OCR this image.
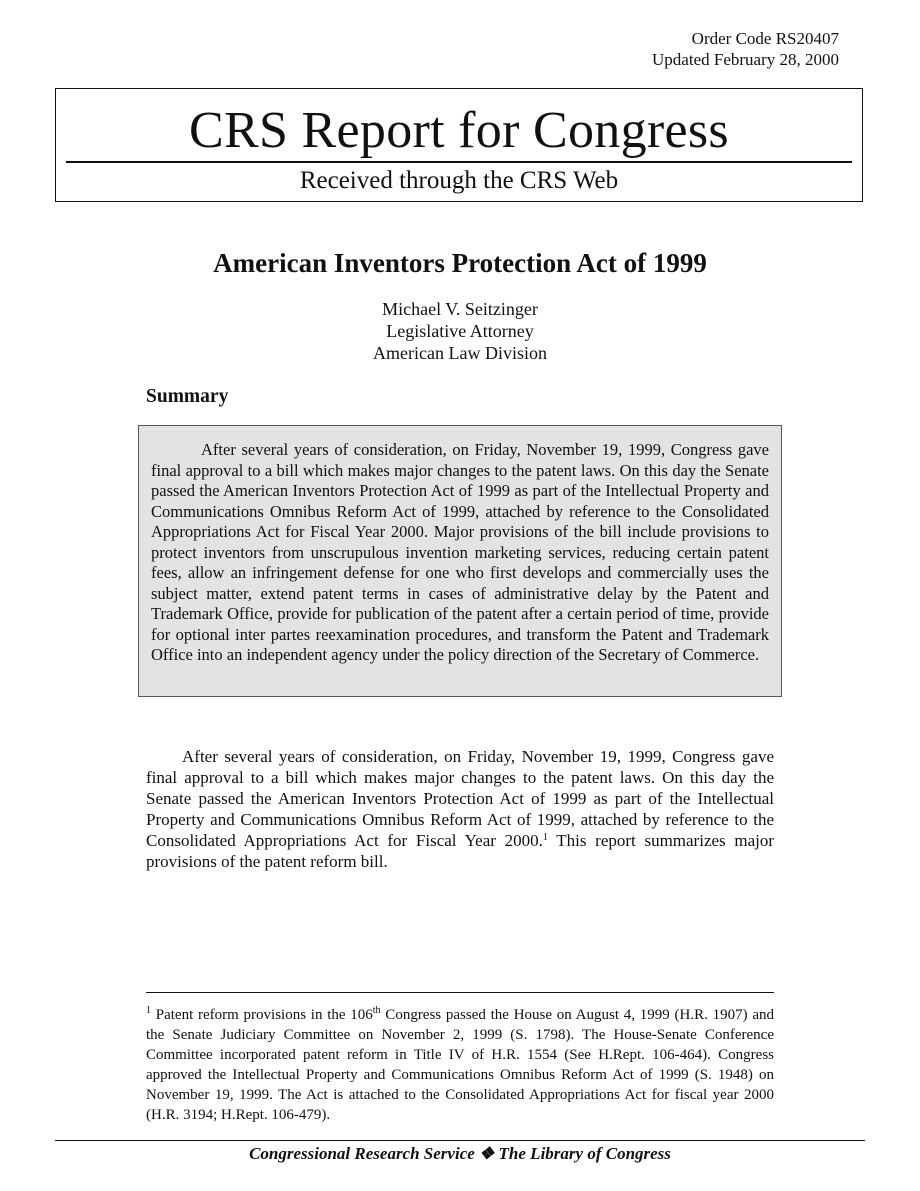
Order Code RS20407
Updated February 28, 2000
CRS Report for Congress
Received through the CRS Web
American Inventors Protection Act of 1999
Michael V. Seitzinger
Legislative Attorney
American Law Division
Summary

After several years of consideration, on Friday, November 19, 1999, Congress gave final approval to a bill which makes major changes to the patent laws. On this day the Senate passed the American Inventors Protection Act of 1999 as part of the Intellectual Property and Communications Omnibus Reform Act of 1999, attached by reference to the Consolidated Appropriations Act for Fiscal Year 2000. Major provisions of the bill include provisions to protect inventors from unscrupulous invention marketing services, reducing certain patent fees, allow an infringement defense for one who first develops and commercially uses the subject matter, extend patent terms in cases of administrative delay by the Patent and Trademark Office, provide for publication of the patent after a certain period of time, provide for optional inter partes reexamination procedures, and transform the Patent and Trademark Office into an independent agency under the policy direction of the Secretary of Commerce.

After several years of consideration, on Friday, November 19, 1999, Congress gave final approval to a bill which makes major changes to the patent laws. On this day the Senate passed the American Inventors Protection Act of 1999 as part of the Intellectual Property and Communications Omnibus Reform Act of 1999, attached by reference to the Consolidated Appropriations Act for Fiscal Year 2000.$^1$ This report summarizes major provisions of the patent reform bill.

$^1$ Patent reform provisions in the 106th Congress passed the House on August 4, 1999 (H.R. 1907) and the Senate Judiciary Committee on November 2, 1999 (S. 1798). The House-Senate Conference Committee incorporated patent reform in Title IV of H.R. 1554 (See H.Rept. 106-464). Congress approved the Intellectual Property and Communications Omnibus Reform Act of 1999 (S. 1948) on November 19, 1999. The Act is attached to the Consolidated Appropriations Act for fiscal year 2000 (H.R. 3194; H.Rept. 106-479).

Congressional Research Service ❖ The Library of Congress
